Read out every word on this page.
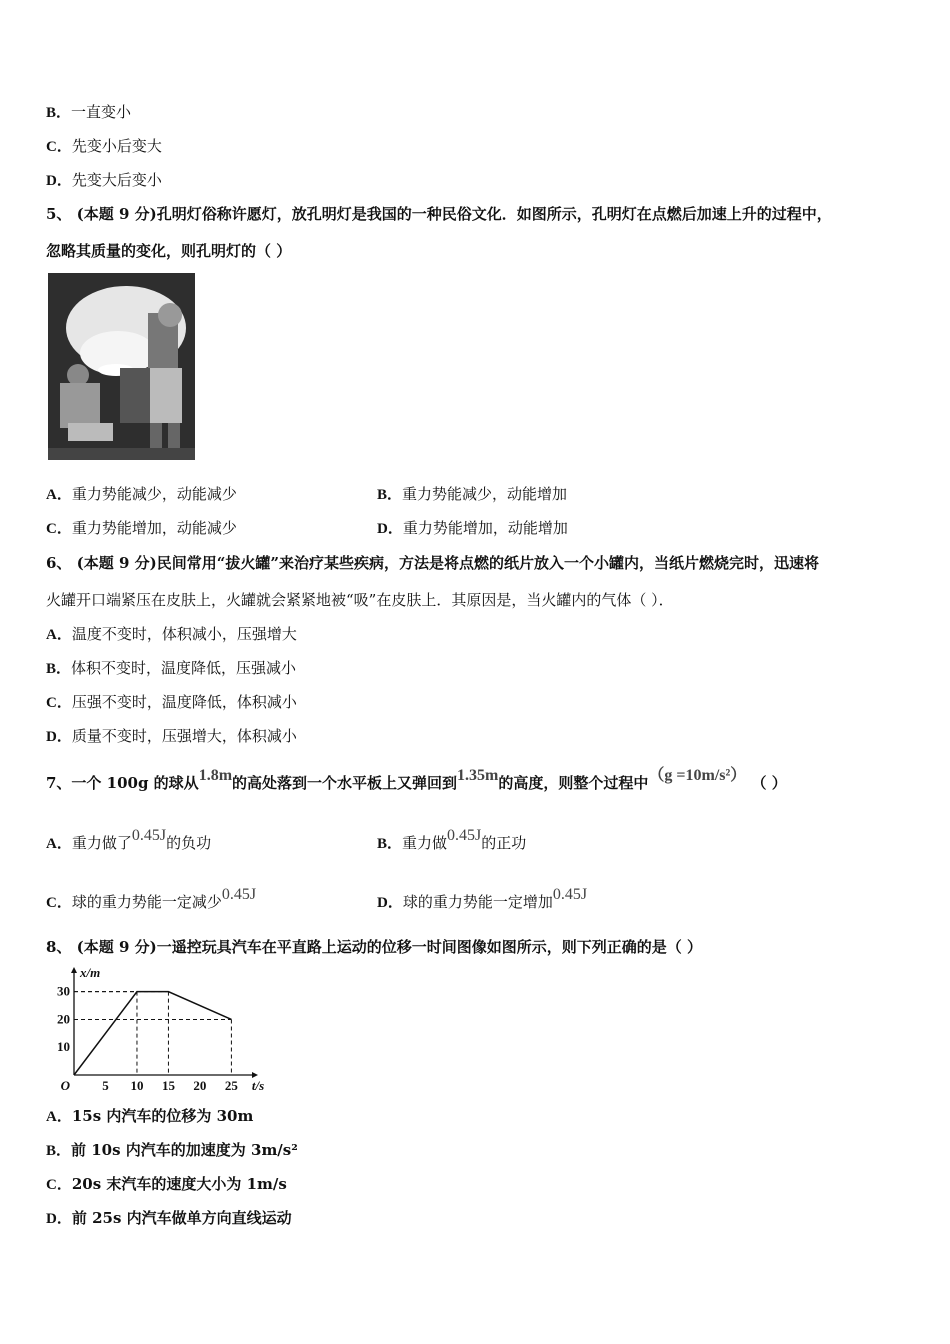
B．一直变小
C．先变小后变大
D．先变大后变小
5、 (本题 9 分)孔明灯俗称许愿灯，放孔明灯是我国的一种民俗文化．如图所示，孔明灯在点燃后加速上升的过程中，
忽略其质量的变化，则孔明灯的（ ）
A．重力势能减少，动能减少	B．重力势能减少，动能增加
C．重力势能增加，动能减少	D．重力势能增加，动能增加
6、 (本题 9 分)民间常用“拔火罐”来治疗某些疾病，方法是将点燃的纸片放入一个小罐内，当纸片燃烧完时，迅速将
火罐开口端紧压在皮肤上，火罐就会紧紧地被“吸”在皮肤上．其原因是，当火罐内的气体（ ）．
A．温度不变时，体积减小，压强增大
B．体积不变时，温度降低，压强减小
C．压强不变时，温度降低，体积减小
D．质量不变时，压强增大，体积减小
7、一个 100g 的球从1.8m的高处落到一个水平板上又弹回到1.35m的高度，则整个过程中（g =10m/s²） （ ）
A．重力做了0.45J的负功	B．重力做0.45J的正功
C．球的重力势能一定减少0.45J	D．球的重力势能一定增加0.45J
8、 (本题 9 分)一遥控玩具汽车在平直路上运动的位移一时间图像如图所示，则下列正确的是（ ）
5 10 15 20 25
10
20
30
O	t/s
x/m
A．15s 内汽车的位移为 30m
B．前 10s 内汽车的加速度为 3m/s²
C．20s 末汽车的速度大小为 1m/s
D．前 25s 内汽车做单方向直线运动
